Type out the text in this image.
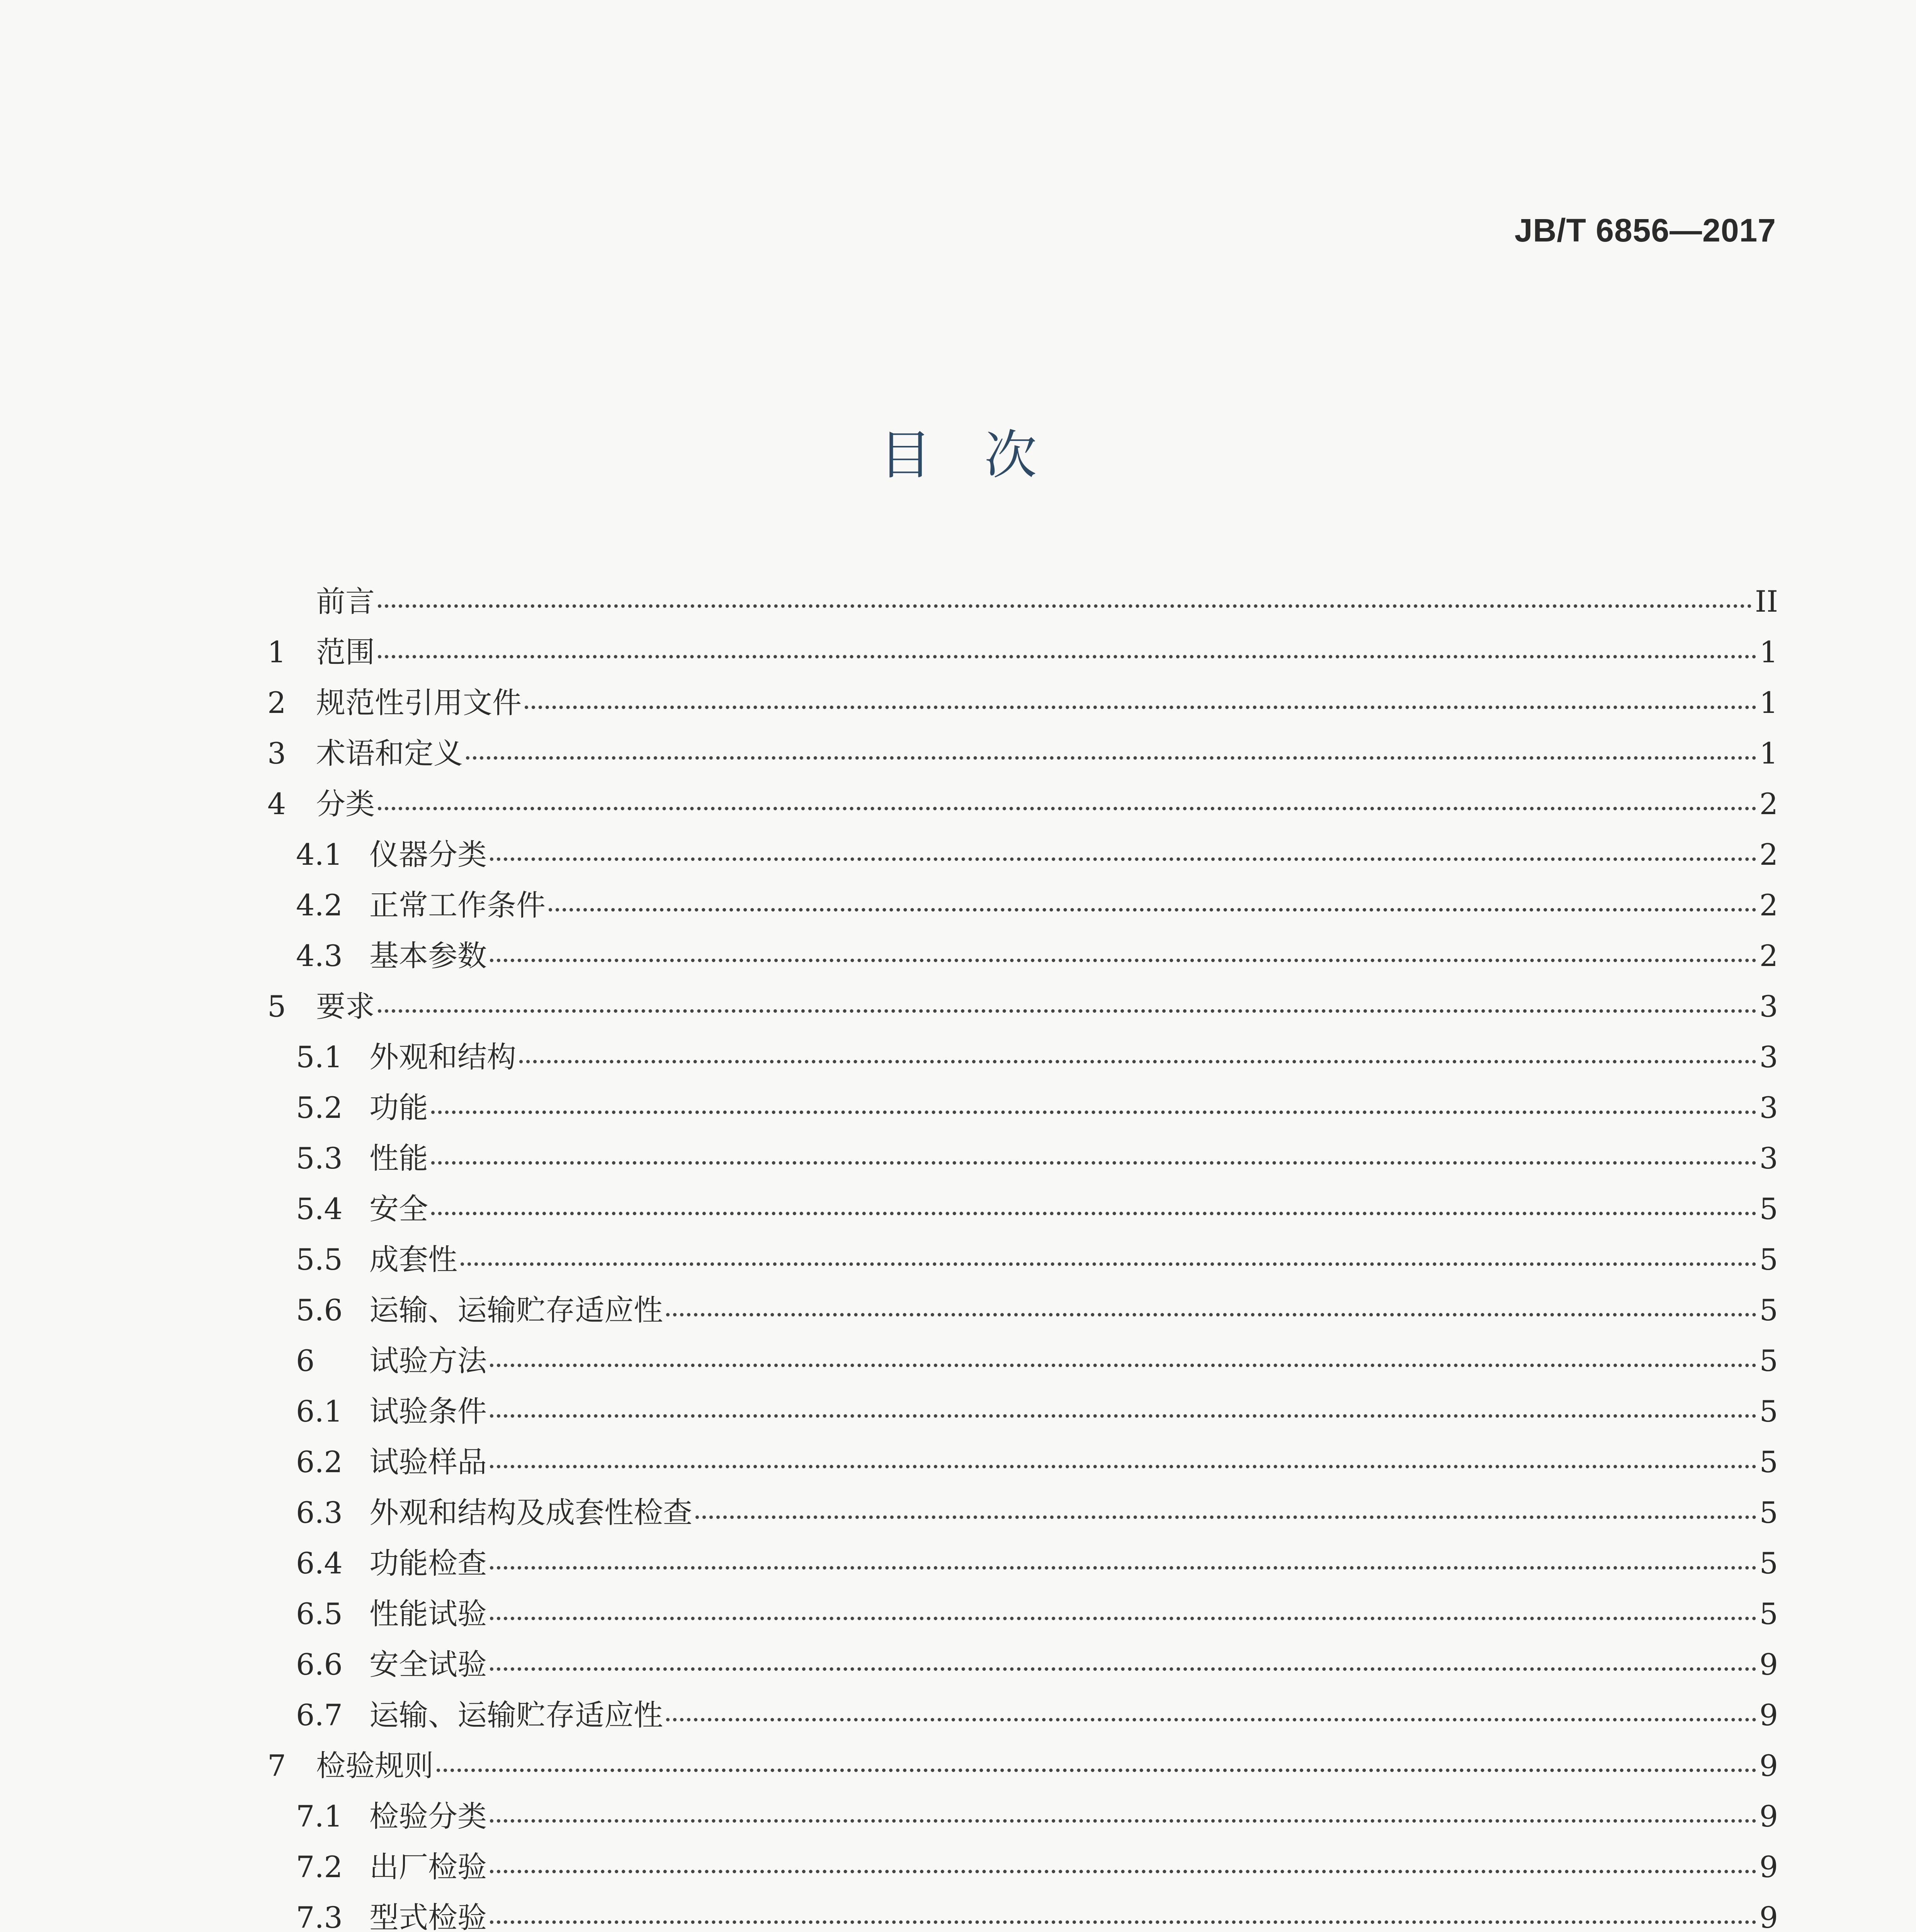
JB/T 6856—2017
目　次
前言	II
1	范围	1
2	规范性引用文件	1
3	术语和定义	1
4	分类	2
4.1 仪器分类	2
4.2 正常工作条件	2
4.3 基本参数	2
5	要求	3
5.1 外观和结构	3
5.2 功能	3
5.3 性能	3
5.4 安全	5
5.5 成套性	5
5.6 运输、运输贮存适应性	5
6	试验方法	5
6.1 试验条件	5
6.2 试验样品	5
6.3 外观和结构及成套性检查	5
6.4 功能检查	5
6.5 性能试验	5
6.6 安全试验	9
6.7 运输、运输贮存适应性	9
7	检验规则	9
7.1 检验分类	9
7.2 出厂检验	9
7.3 型式检验	9
